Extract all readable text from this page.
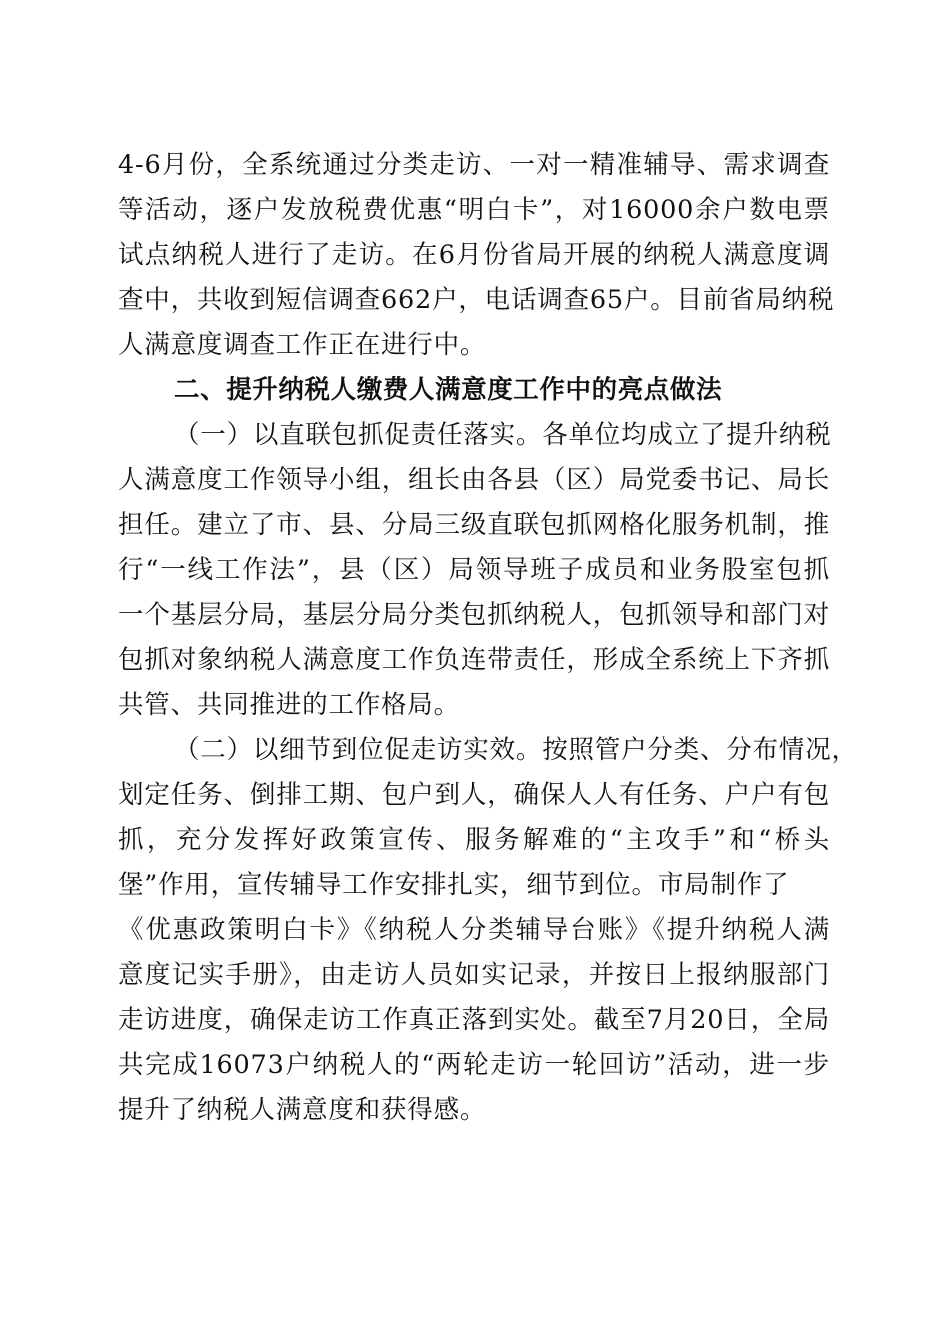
4-6月份，全系统通过分类走访、一对一精准辅导、需求调查
等活动，逐户发放税费优惠“明白卡”，对16000余户数电票
试点纳税人进行了走访。在6月份省局开展的纳税人满意度调
查中，共收到短信调查662户，电话调查65户。目前省局纳税
人满意度调查工作正在进行中。
二、提升纳税人缴费人满意度工作中的亮点做法
（一）以直联包抓促责任落实。各单位均成立了提升纳税
人满意度工作领导小组，组长由各县（区）局党委书记、局长
担任。建立了市、县、分局三级直联包抓网格化服务机制，推
行“一线工作法”，县（区）局领导班子成员和业务股室包抓
一个基层分局，基层分局分类包抓纳税人，包抓领导和部门对
包抓对象纳税人满意度工作负连带责任，形成全系统上下齐抓
共管、共同推进的工作格局。
（二）以细节到位促走访实效。按照管户分类、分布情况，
划定任务、倒排工期、包户到人，确保人人有任务、户户有包
抓，充分发挥好政策宣传、服务解难的“主攻手”和“桥头
堡”作用，宣传辅导工作安排扎实，细节到位。市局制作了
《优惠政策明白卡》《纳税人分类辅导台账》《提升纳税人满
意度记实手册》，由走访人员如实记录，并按日上报纳服部门
走访进度，确保走访工作真正落到实处。截至7月20日，全局
共完成16073户纳税人的“两轮走访一轮回访”活动，进一步
提升了纳税人满意度和获得感。
